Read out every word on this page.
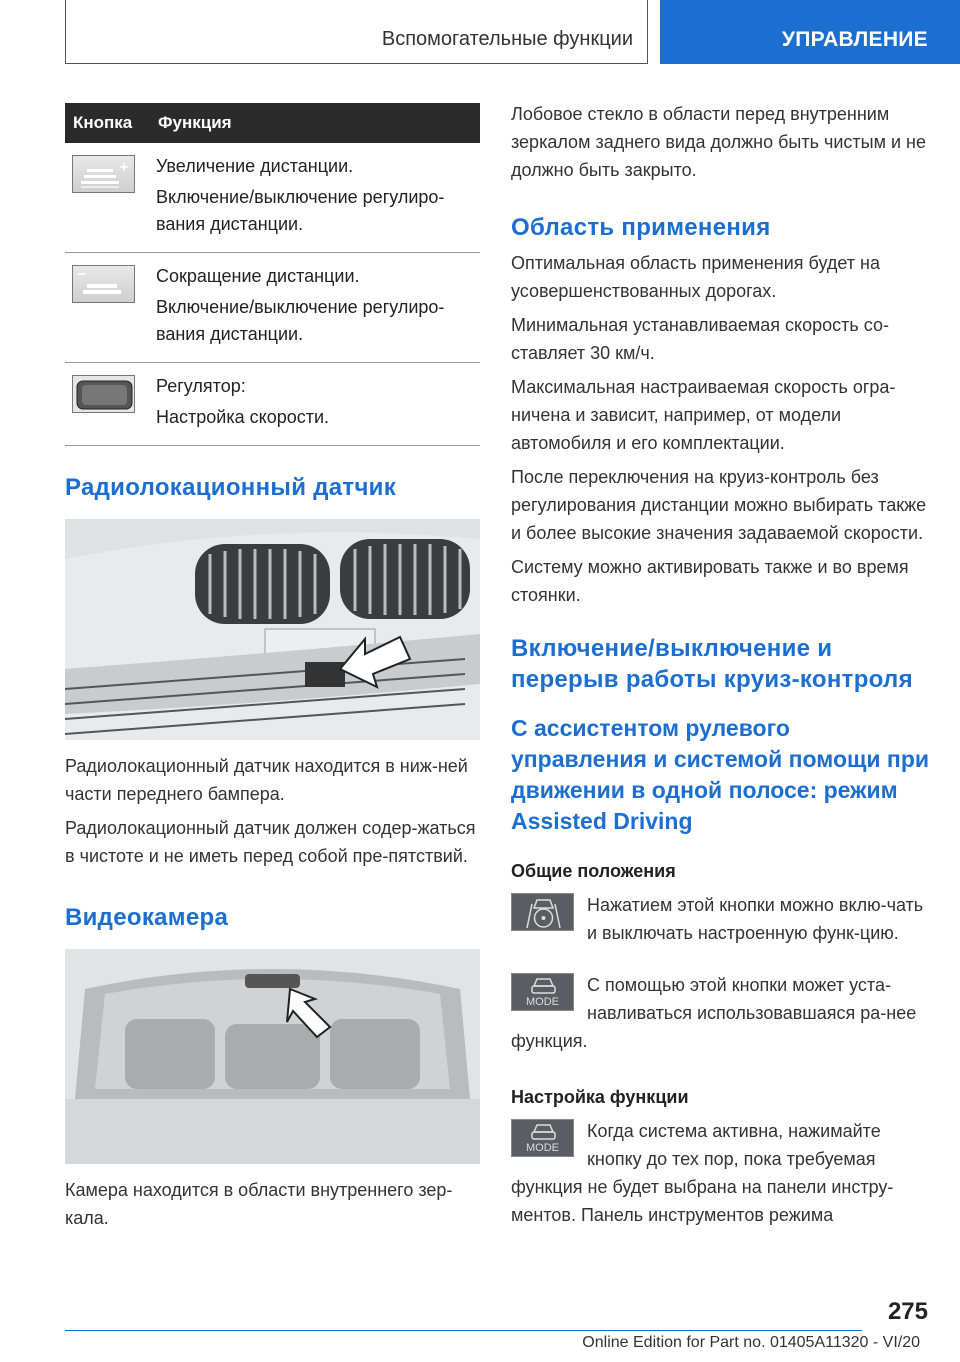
Вспомогательные функции	УПРАВЛЕНИЕ
Кнопка	Функция

Увеличение дистанции.
Включение/выключение регулиро-вания дистанции.

Сокращение дистанции.
Включение/выключение регулиро-вания дистанции.

Регулятор:
Настройка скорости.
Радиолокационный датчик

Радиолокационный датчик находится в ниж-ней части переднего бампера.

Радиолокационный датчик должен содер-жаться в чистоте и не иметь перед собой пре-пятствий.

Видеокамера

Камера находится в области внутреннего зер-кала.

Лобовое стекло в области перед внутренним зеркалом заднего вида должно быть чистым и не должно быть закрыто.

Область применения

Оптимальная область применения будет на усовершенствованных дорогах.

Минимальная устанавливаемая скорость со-ставляет 30 км/ч.

Максимальная настраиваемая скорость огра-ничена и зависит, например, от модели автомобиля и его комплектации.

После переключения на круиз-контроль без регулирования дистанции можно выбирать также и более высокие значения задаваемой скорости.

Систему можно активировать также и во время стоянки.

Включение/выключение и перерыв работы круиз-контроля
С ассистентом рулевого управления и системой помощи при движении в одной полосе: режим Assisted Driving
Общие положения

Нажатием этой кнопки можно вклю-чать и выключать настроенную функ-цию.

MODE

С помощью этой кнопки может уста-навливаться использовавшаяся ра-нее функция.

Настройка функции
MODE

Когда система активна, нажимайте кнопку до тех пор, пока требуемая функция не будет выбрана на панели инстру-ментов. Панель инструментов режима

275
Online Edition for Part no. 01405A11320 - VI/20
